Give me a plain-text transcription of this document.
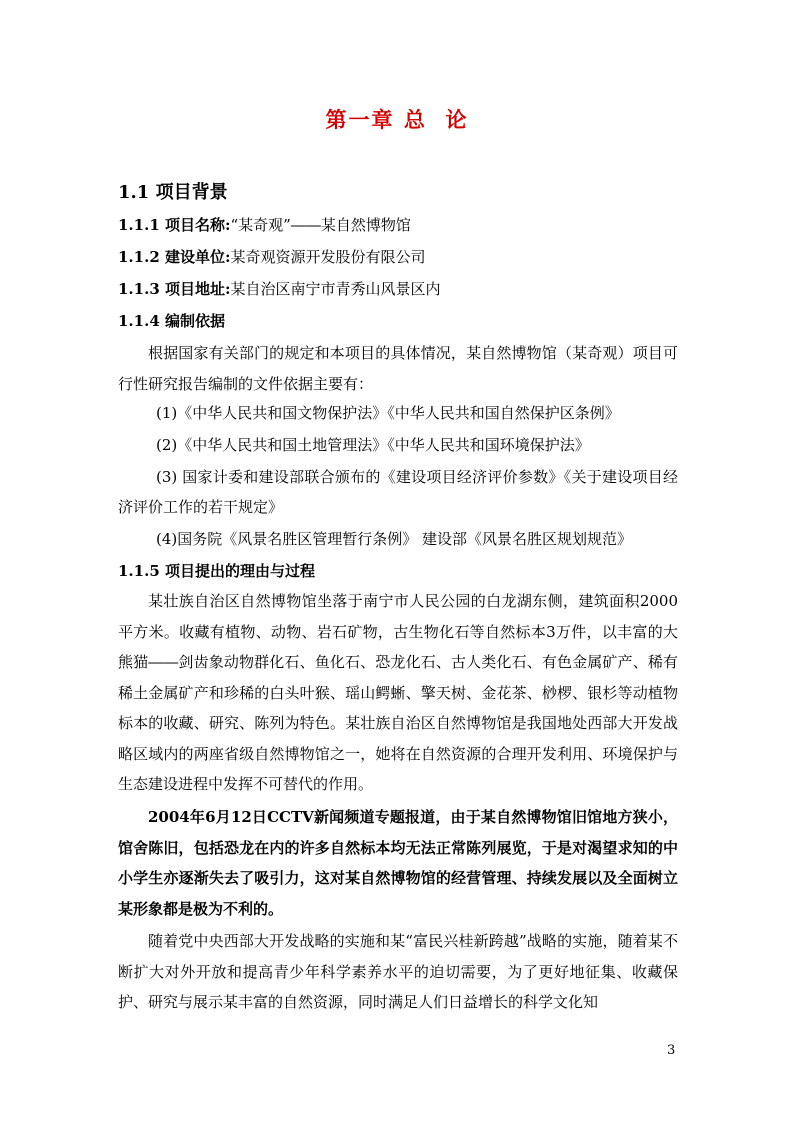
第一章 总  论
1.1 项目背景
1.1.1 项目名称:“某奇观”――某自然博物馆
1.1.2 建设单位:某奇观资源开发股份有限公司
1.1.3 项目地址:某自治区南宁市青秀山风景区内
1.1.4 编制依据
根据国家有关部门的规定和本项目的具体情况，某自然博物馆（某奇观）项目可行性研究报告编制的文件依据主要有：
(1)《中华人民共和国文物保护法》《中华人民共和国自然保护区条例》
(2)《中华人民共和国土地管理法》《中华人民共和国环境保护法》
(3) 国家计委和建设部联合颁布的《建设项目经济评价参数》《关于建设项目经济评价工作的若干规定》
(4)国务院《风景名胜区管理暂行条例》 建设部《风景名胜区规划规范》
1.1.5 项目提出的理由与过程
某壮族自治区自然博物馆坐落于南宁市人民公园的白龙湖东侧，建筑面积2000平方米。收藏有植物、动物、岩石矿物，古生物化石等自然标本3万件，以丰富的大熊猫――剑齿象动物群化石、鱼化石、恐龙化石、古人类化石、有色金属矿产、稀有稀土金属矿产和珍稀的白头叶猴、瑶山鳄蜥、擎天树、金花茶、桫椤、银杉等动植物标本的收藏、研究、陈列为特色。某壮族自治区自然博物馆是我国地处西部大开发战略区域内的两座省级自然博物馆之一，她将在自然资源的合理开发利用、环境保护与生态建设进程中发挥不可替代的作用。
2004年6月12日CCTV新闻频道专题报道，由于某自然博物馆旧馆地方狭小，馆舍陈旧，包括恐龙在内的许多自然标本均无法正常陈列展览，于是对渴望求知的中小学生亦逐渐失去了吸引力，这对某自然博物馆的经营管理、持续发展以及全面树立某形象都是极为不利的。
随着党中央西部大开发战略的实施和某“富民兴桂新跨越”战略的实施，随着某不断扩大对外开放和提高青少年科学素养水平的迫切需要，为了更好地征集、收藏保护、研究与展示某丰富的自然资源，同时满足人们日益增长的科学文化知
3
